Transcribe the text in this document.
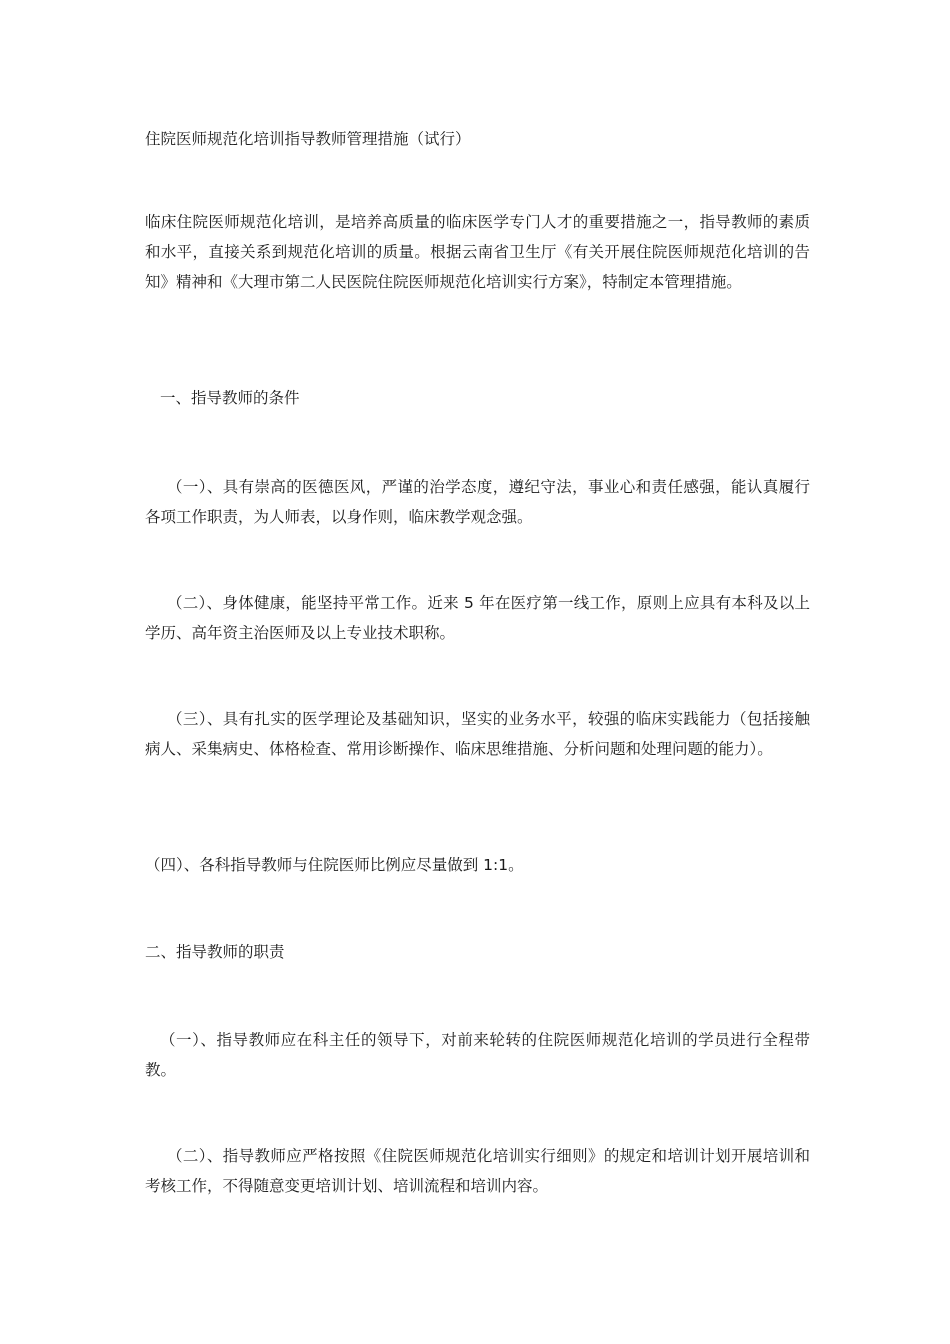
住院医师规范化培训指导教师管理措施（试行）

临床住院医师规范化培训，是培养高质量的临床医学专门人才的重要措施之一，指导教师的素质和水平，直接关系到规范化培训的质量。根据云南省卫生厅《有关开展住院医师规范化培训的告知》精神和《大理市第二人民医院住院医师规范化培训实行方案》，特制定本管理措施。

一、指导教师的条件

（一）、具有崇高的医德医风，严谨的治学态度，遵纪守法，事业心和责任感强，能认真履行各项工作职责，为人师表，以身作则，临床教学观念强。

（二）、身体健康，能坚持平常工作。近来 5 年在医疗第一线工作，原则上应具有本科及以上学历、高年资主治医师及以上专业技术职称。

（三）、具有扎实的医学理论及基础知识，坚实的业务水平，较强的临床实践能力（包括接触病人、采集病史、体格检查、常用诊断操作、临床思维措施、分析问题和处理问题的能力）。

（四）、各科指导教师与住院医师比例应尽量做到 1:1。

二、指导教师的职责

（一）、指导教师应在科主任的领导下，对前来轮转的住院医师规范化培训的学员进行全程带教。

（二）、指导教师应严格按照《住院医师规范化培训实行细则》的规定和培训计划开展培训和考核工作，不得随意变更培训计划、培训流程和培训内容。
